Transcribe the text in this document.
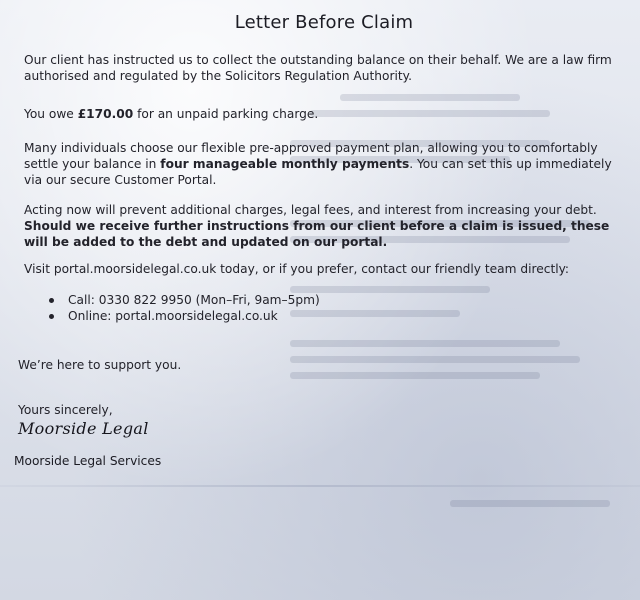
Letter Before Claim

Our client has instructed us to collect the outstanding balance on their behalf. We are a law firm authorised and regulated by the Solicitors Regulation Authority.

You owe £170.00 for an unpaid parking charge.

Many individuals choose our flexible pre-approved payment plan, allowing you to comfortably settle your balance in four manageable monthly payments. You can set this up immediately via our secure Customer Portal.

Acting now will prevent additional charges, legal fees, and interest from increasing your debt. Should we receive further instructions from our client before a claim is issued, these will be added to the debt and updated on our portal.

Visit portal.moorsidelegal.co.uk today, or if you prefer, contact our friendly team directly:

Call: 0330 822 9950 (Mon–Fri, 9am–5pm)
Online: portal.moorsidelegal.co.uk

We’re here to support you.

Yours sincerely,

Moorside Legal
Moorside Legal Services
